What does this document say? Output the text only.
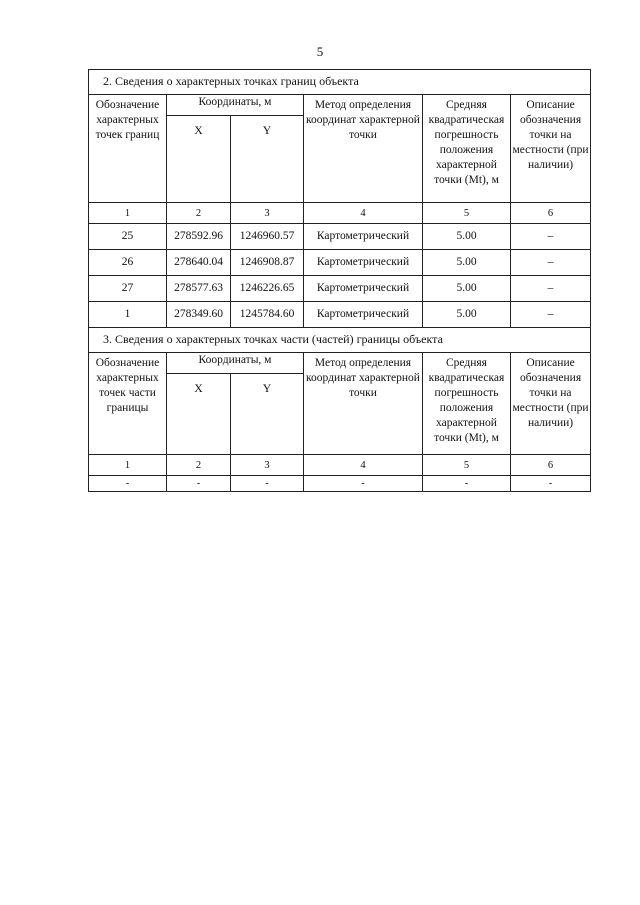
5
2. Сведения о характерных точках границ объекта					
Обозначение характерных точек границ	Координаты, м		Метод определения координат характерной точки	Средняя квадратическая погрешность положения характерной точки (Mt), м	Описание обозначения точки на местности (при наличии)
	X	Y			
1	2	3	4	5	6
25	278592.96	1246960.57	Картометрический	5.00	–
26	278640.04	1246908.87	Картометрический	5.00	–
27	278577.63	1246226.65	Картометрический	5.00	–
1	278349.60	1245784.60	Картометрический	5.00	–
3. Сведения о характерных точках части (частей) границы объекта					
Обозначение характерных точек части границы	Координаты, м		Метод определения координат характерной точки	Средняя квадратическая погрешность положения характерной точки (Mt), м	Описание обозначения точки на местности (при наличии)
	X	Y			
1	2	3	4	5	6
-	-	-	-	-	-
